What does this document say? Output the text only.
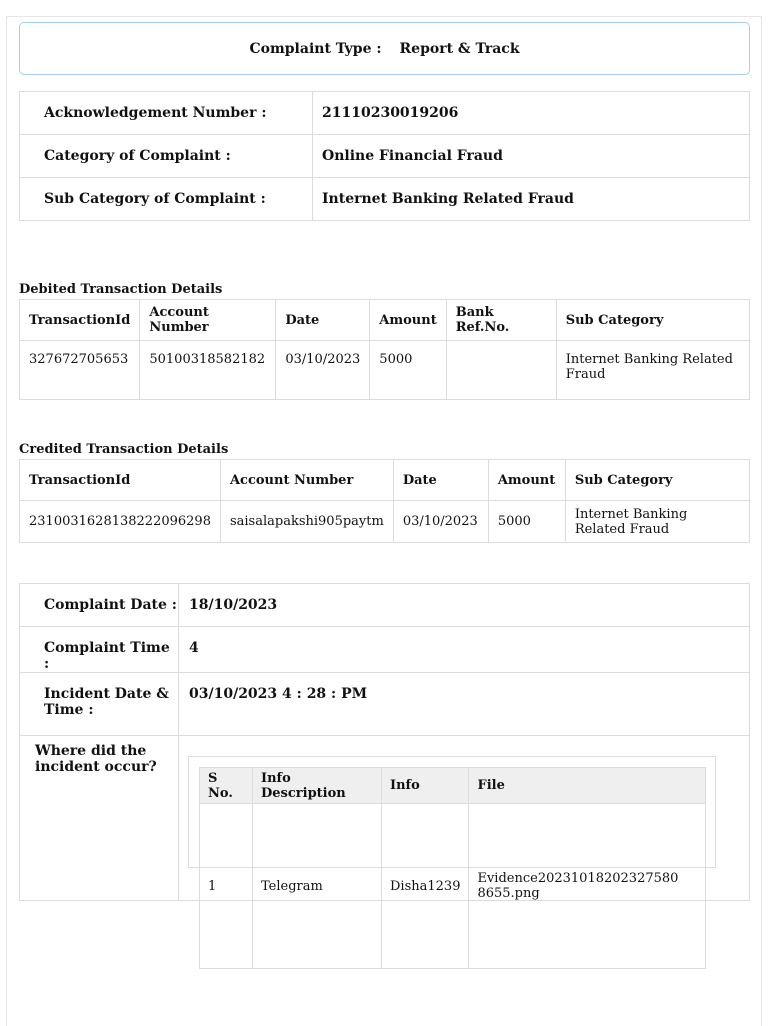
Complaint Type : Report & Track
Acknowledgement Number :	21110230019206
Category of Complaint :	Online Financial Fraud
Sub Category of Complaint :	Internet Banking Related Fraud
Debited Transaction Details
TransactionId	Account Number	Date	Amount	Bank Ref.No.	Sub Category
327672705653	50100318582182	03/10/2023	5000		Internet Banking Related Fraud
Credited Transaction Details
TransactionId	Account Number	Date	Amount	Sub Category
2310031628138222096298	saisalapakshi905paytm	03/10/2023	5000	Internet Banking Related Fraud
Complaint Date :	18/10/2023
Complaint Time :	4
Incident Date & Time :	03/10/2023 4 : 28 : PM
Where did the incident occur?	
S No.	Info Description	Info	File
1	Telegram	Disha1239	Evidence20231018202327580 8655.png
